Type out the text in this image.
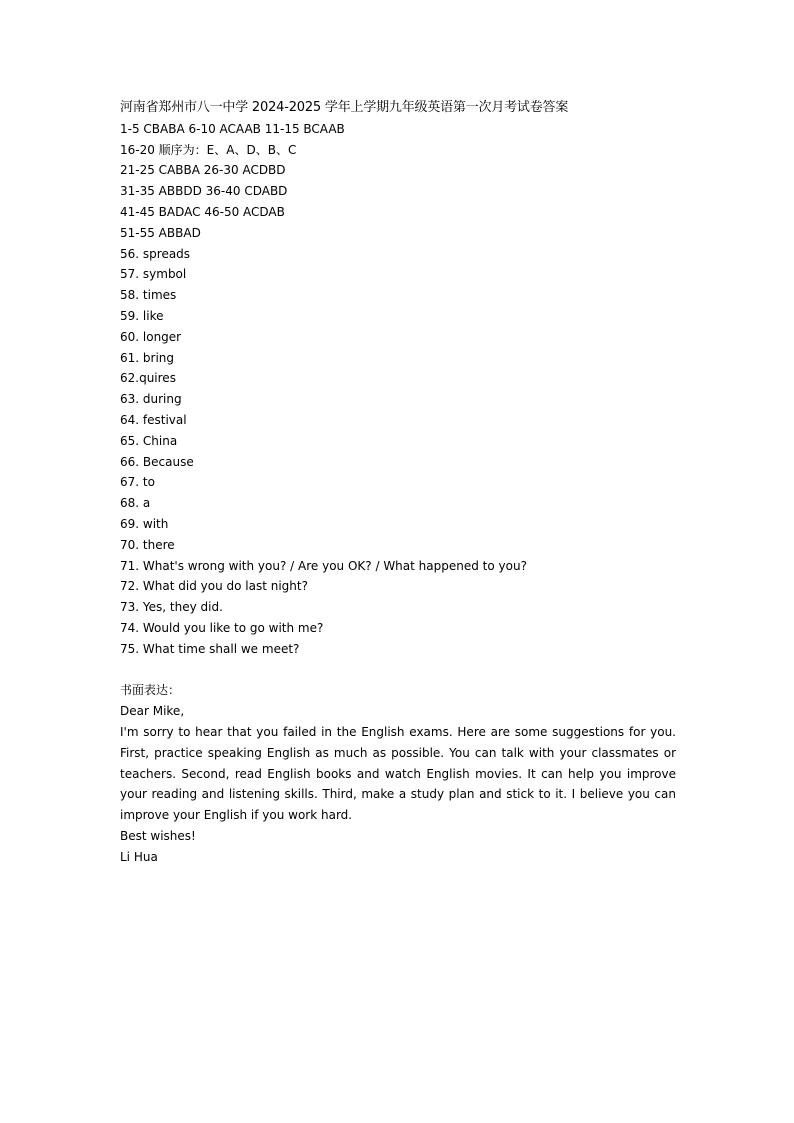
河南省郑州市八一中学 2024-2025 学年上学期九年级英语第一次月考试卷答案
1-5 CBABA 6-10 ACAAB 11-15 BCAAB
16-20 顺序为：E、A、D、B、C
21-25 CABBA 26-30 ACDBD
31-35 ABBDD 36-40 CDABD
41-45 BADAC 46-50 ACDAB
51-55 ABBAD
56. spreads
57. symbol
58. times
59. like
60. longer
61. bring
62.quires
63. during
64. festival
65. China
66. Because
67. to
68. a
69. with
70. there
71. What's wrong with you? / Are you OK? / What happened to you?
72. What did you do last night?
73. Yes, they did.
74. Would you like to go with me?
75. What time shall we meet?
书面表达：
Dear Mike,
I'm sorry to hear that you failed in the English exams. Here are some suggestions for you. First, practice speaking English as much as possible. You can talk with your classmates or teachers. Second, read English books and watch English movies. It can help you improve your reading and listening skills. Third, make a study plan and stick to it. I believe you can improve your English if you work hard.
Best wishes!
Li Hua
